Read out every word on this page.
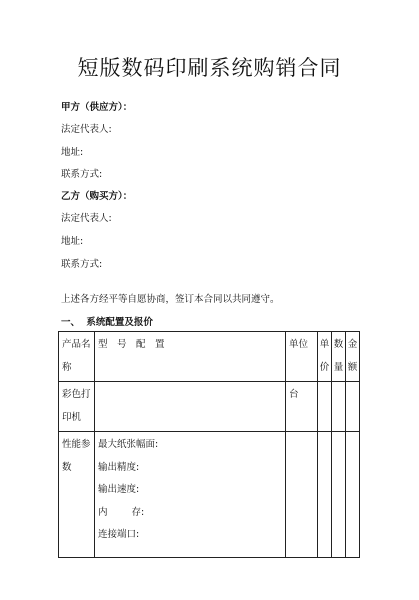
短版数码印刷系统购销合同
甲方（供应方）：
法定代表人:
地址:
联系方式:
乙方（购买方）：
法定代表人:
地址:
联系方式:
上述各方经平等自愿协商，签订本合同以共同遵守。
一、 系统配置及报价
产品名称	型　号　配　置	单位	单价	数量	金额
彩色打印机		台			
性能参数	最大纸张幅面:
输出精度:
输出速度:
内 存:
连接端口:				
